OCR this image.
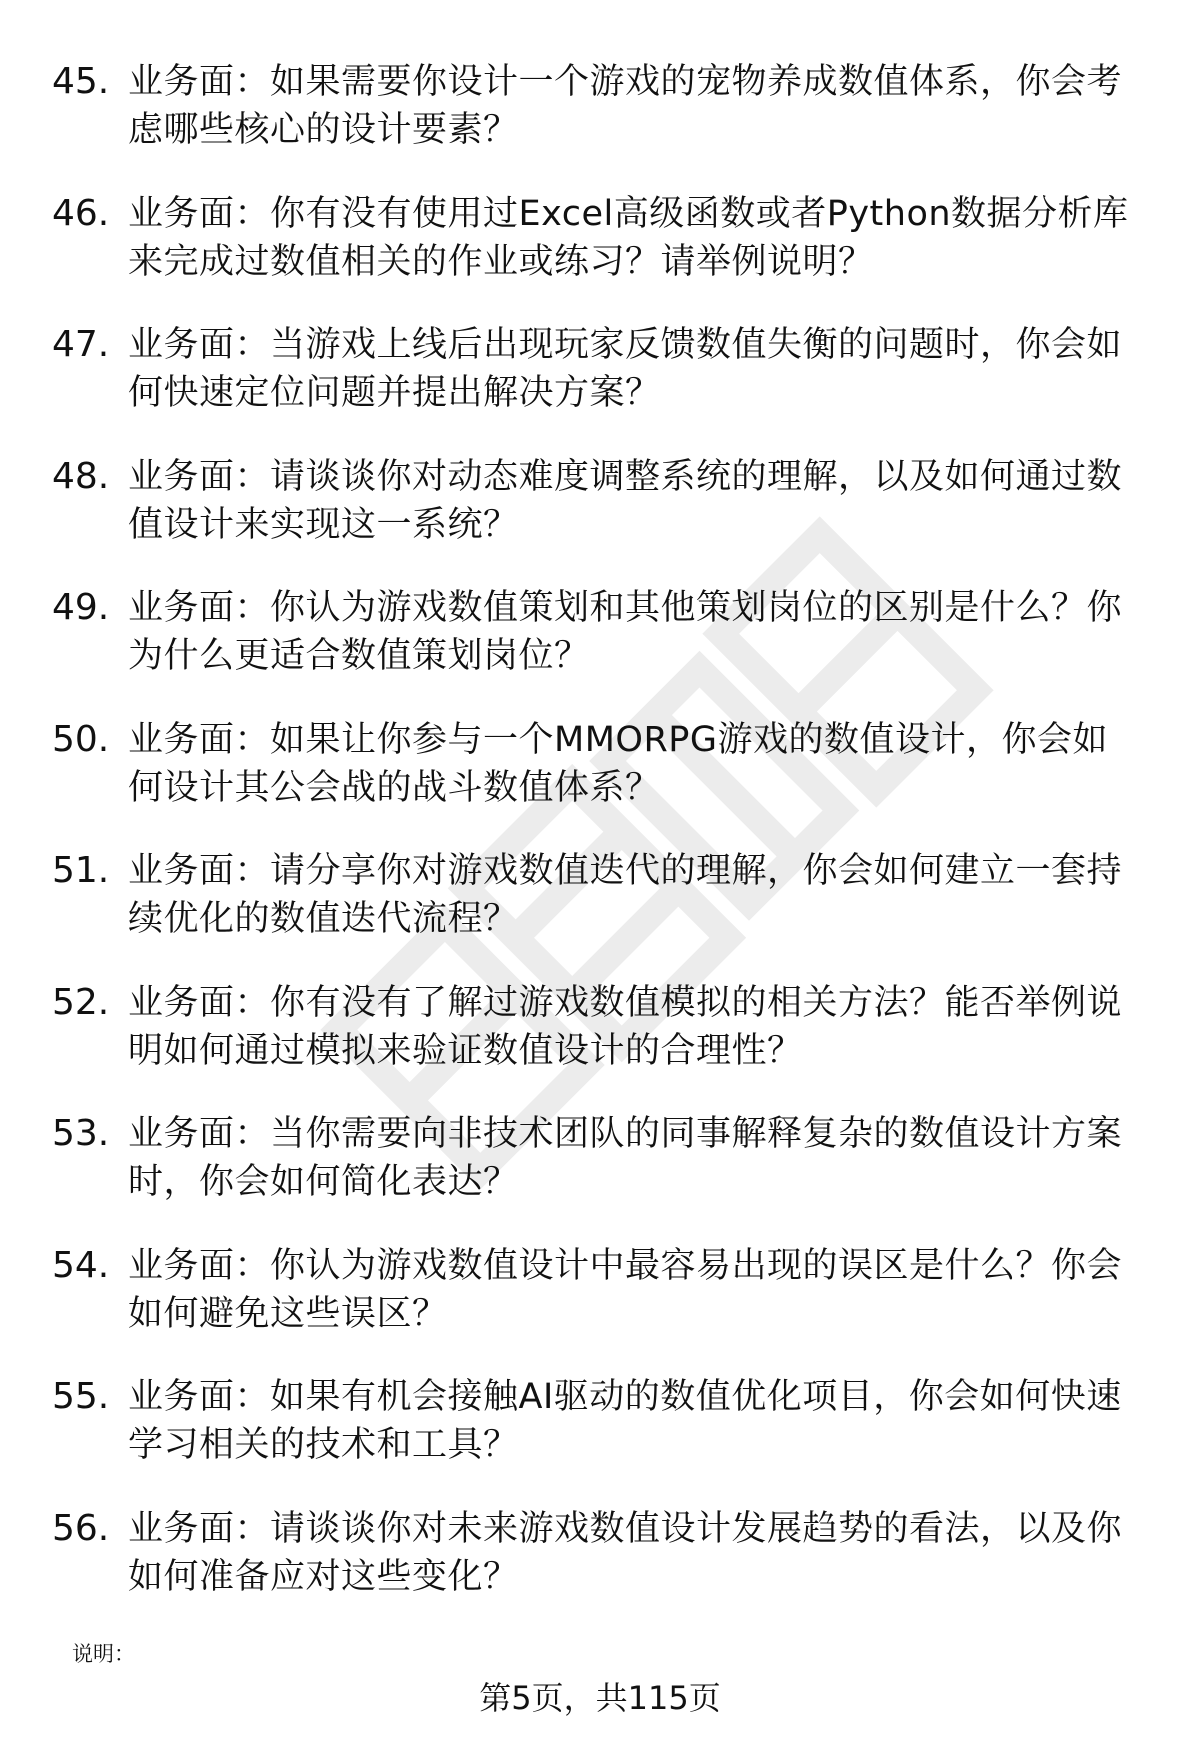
45. 业务面：如果需要你设计一个游戏的宠物养成数值体系，你会考虑哪些核心的设计要素？
46. 业务面：你有没有使用过Excel高级函数或者Python数据分析库来完成过数值相关的作业或练习？请举例说明？
47. 业务面：当游戏上线后出现玩家反馈数值失衡的问题时，你会如何快速定位问题并提出解决方案？
48. 业务面：请谈谈你对动态难度调整系统的理解，以及如何通过数值设计来实现这一系统？
49. 业务面：你认为游戏数值策划和其他策划岗位的区别是什么？你为什么更适合数值策划岗位？
50. 业务面：如果让你参与一个MMORPG游戏的数值设计，你会如何设计其公会战的战斗数值体系？
51. 业务面：请分享你对游戏数值迭代的理解，你会如何建立一套持续优化的数值迭代流程？
52. 业务面：你有没有了解过游戏数值模拟的相关方法？能否举例说明如何通过模拟来验证数值设计的合理性？
53. 业务面：当你需要向非技术团队的同事解释复杂的数值设计方案时，你会如何简化表达？
54. 业务面：你认为游戏数值设计中最容易出现的误区是什么？你会如何避免这些误区？
55. 业务面：如果有机会接触AI驱动的数值优化项目，你会如何快速学习相关的技术和工具？
56. 业务面：请谈谈你对未来游戏数值设计发展趋势的看法，以及你如何准备应对这些变化？
说明：
第5页，共115页
